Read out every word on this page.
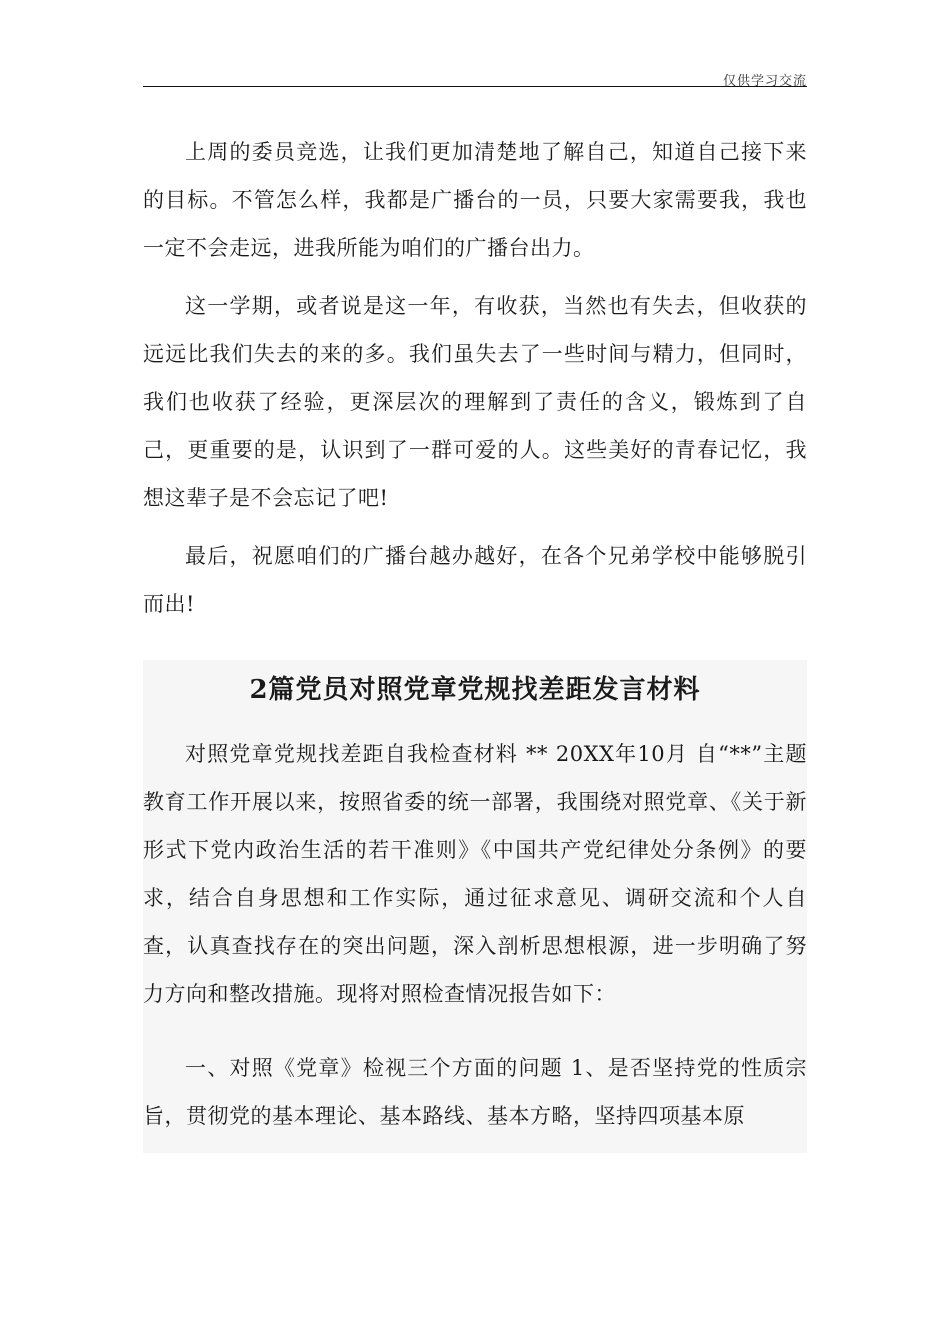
仅供学习交流

上周的委员竞选，让我们更加清楚地了解自己，知道自己接下来的目标。不管怎么样，我都是广播台的一员，只要大家需要我，我也一定不会走远，进我所能为咱们的广播台出力。

这一学期，或者说是这一年，有收获，当然也有失去，但收获的远远比我们失去的来的多。我们虽失去了一些时间与精力，但同时，我们也收获了经验，更深层次的理解到了责任的含义，锻炼到了自己，更重要的是，认识到了一群可爱的人。这些美好的青春记忆，我想这辈子是不会忘记了吧!

最后，祝愿咱们的广播台越办越好，在各个兄弟学校中能够脱引而出!

2篇党员对照党章党规找差距发言材料

对照党章党规找差距自我检查材料 ** 20XX年10月 自“**”主题教育工作开展以来，按照省委的统一部署，我围绕对照党章、《关于新形式下党内政治生活的若干准则》《中国共产党纪律处分条例》的要求，结合自身思想和工作实际，通过征求意见、调研交流和个人自查，认真查找存在的突出问题，深入剖析思想根源，进一步明确了努力方向和整改措施。现将对照检查情况报告如下：

一、对照《党章》检视三个方面的问题 1、是否坚持党的性质宗旨，贯彻党的基本理论、基本路线、基本方略，坚持四项基本原
